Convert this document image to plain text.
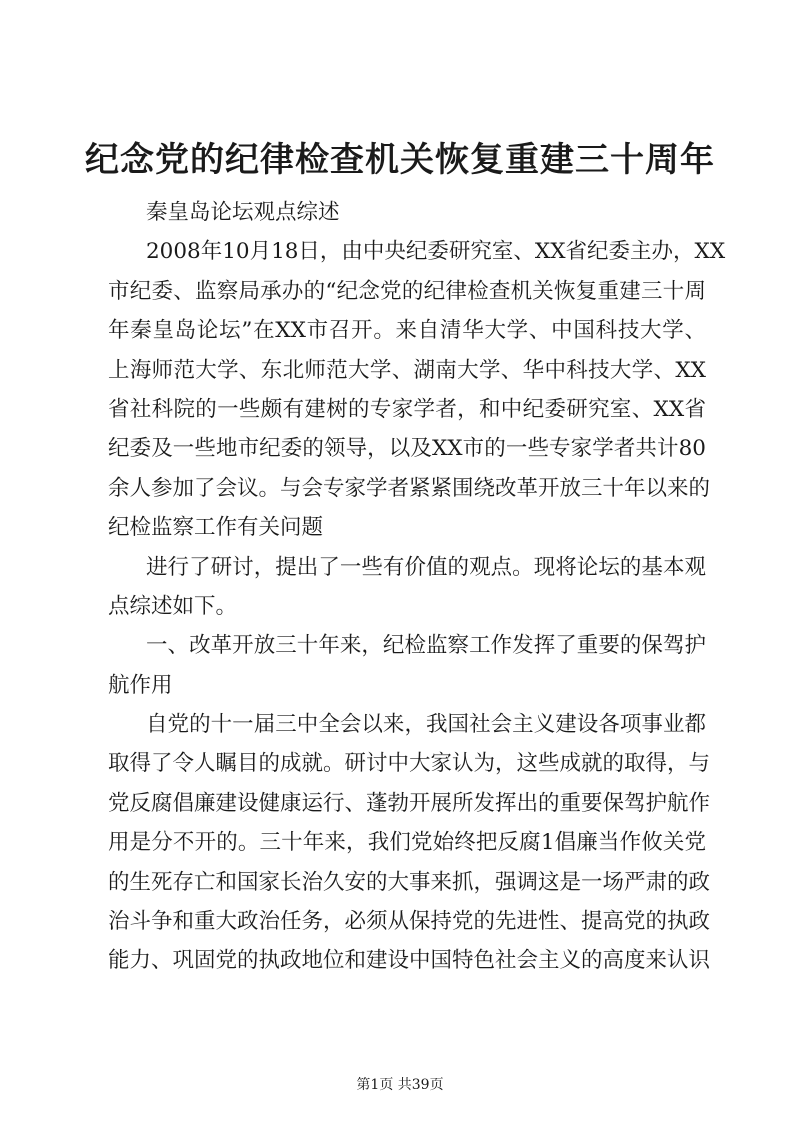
纪念党的纪律检查机关恢复重建三十周年
秦皇岛论坛观点综述
2008年10月18日，由中央纪委研究室、XX省纪委主办，XX
市纪委、监察局承办的“纪念党的纪律检查机关恢复重建三十周
年秦皇岛论坛”在XX市召开。来自清华大学、中国科技大学、
上海师范大学、东北师范大学、湖南大学、华中科技大学、XX
省社科院的一些颇有建树的专家学者，和中纪委研究室、XX省
纪委及一些地市纪委的领导，以及XX市的一些专家学者共计80
余人参加了会议。与会专家学者紧紧围绕改革开放三十年以来的
纪检监察工作有关问题
进行了研讨，提出了一些有价值的观点。现将论坛的基本观
点综述如下。
一、改革开放三十年来，纪检监察工作发挥了重要的保驾护
航作用
自党的十一届三中全会以来，我国社会主义建设各项事业都
取得了令人瞩目的成就。研讨中大家认为，这些成就的取得，与
党反腐倡廉建设健康运行、蓬勃开展所发挥出的重要保驾护航作
用是分不开的。三十年来，我们党始终把反腐1倡廉当作攸关党
的生死存亡和国家长治久安的大事来抓，强调这是一场严肃的政
治斗争和重大政治任务，必须从保持党的先进性、提高党的执政
能力、巩固党的执政地位和建设中国特色社会主义的高度来认识
第1页 共39页
